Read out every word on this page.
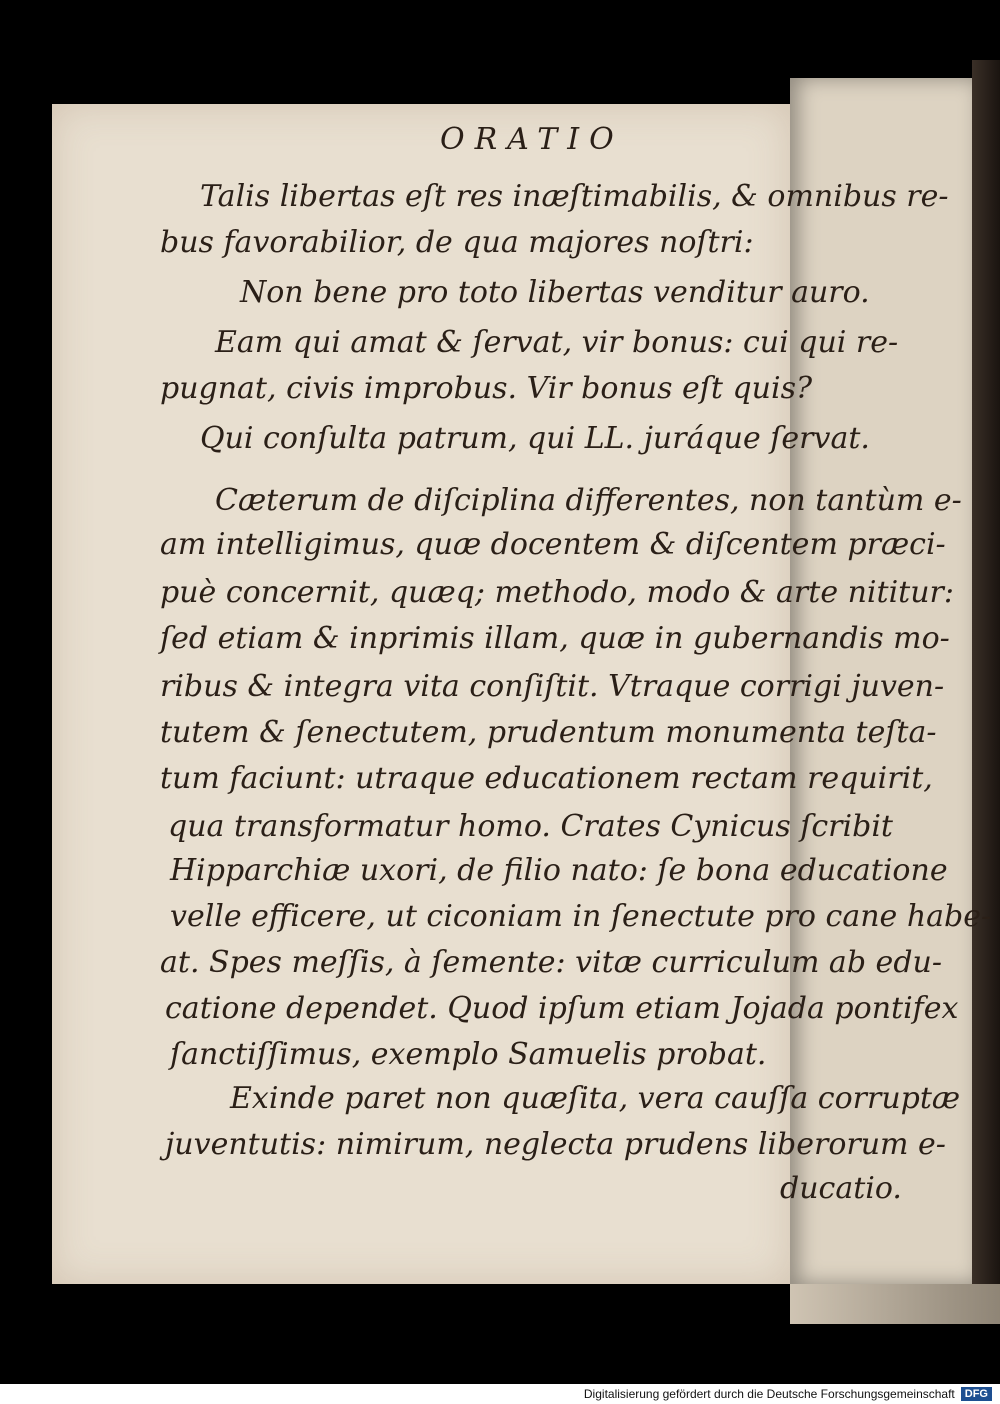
ORATIO
Talis libertas eſt res inæſtimabilis, & omnibus re-
bus favorabilior, de qua majores noſtri:
Non bene pro toto libertas venditur auro.
Eam qui amat & ſervat, vir bonus: cui qui re-
pugnat, civis improbus. Vir bonus eſt quis?
Qui conſulta patrum, qui LL. juráque ſervat.
Cæterum de diſciplina differentes, non tantùm e-
am intelligimus, quæ docentem & diſcentem præci-
puè concernit, quæq; methodo, modo & arte nititur:
ſed etiam & inprimis illam, quæ in gubernandis mo-
ribus & integra vita conſiſtit. Vtraque corrigi juven-
tutem & ſenectutem, prudentum monumenta teſta-
tum faciunt: utraque educationem rectam requirit,
qua transformatur homo. Crates Cynicus ſcribit
Hipparchiæ uxori, de filio nato: ſe bona educatione
velle efficere, ut ciconiam in ſenectute pro cane habe-
at. Spes meſſis, à ſemente: vitæ curriculum ab edu-
catione dependet. Quod ipſum etiam Jojada pontifex
ſanctiſſimus, exemplo Samuelis probat.
Exinde paret non quæſita, vera cauſſa corruptæ
juventutis: nimirum, neglecta prudens liberorum e-
ducatio.
Digitalisierung gefördert durch die Deutsche Forschungsgemeinschaft DFG
